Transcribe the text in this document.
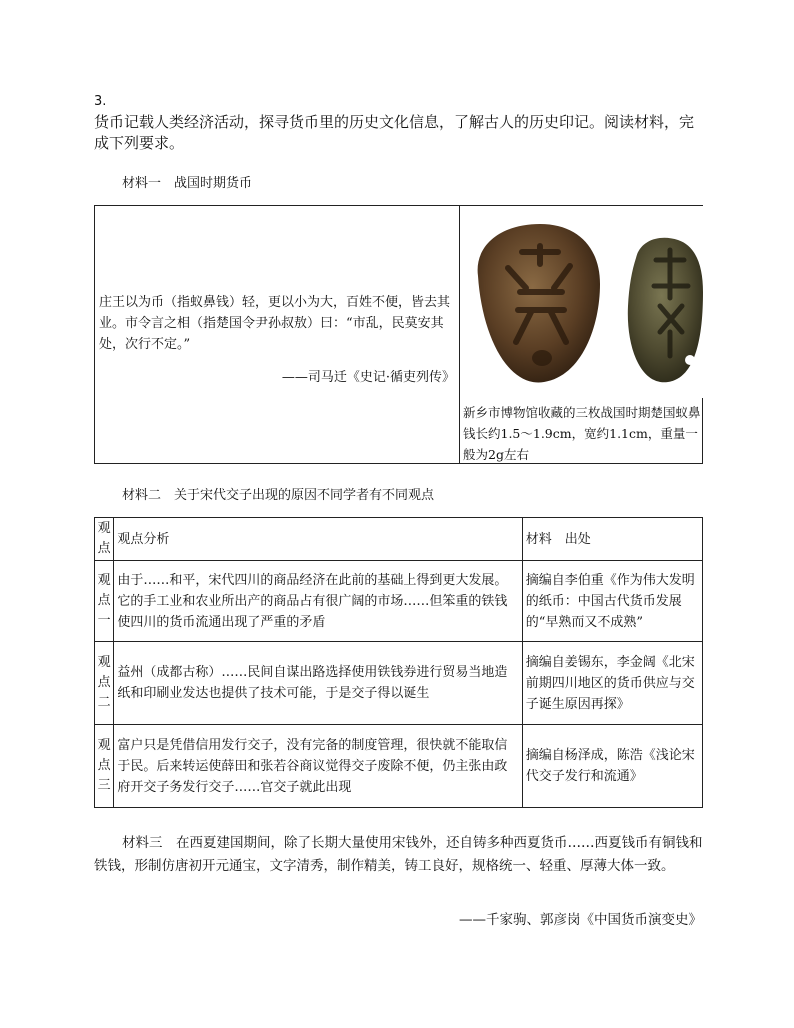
3.
货币记载人类经济活动，探寻货币里的历史文化信息，了解古人的历史印记。阅读材料，完成下列要求。
材料一　战国时期货币
庄王以为币（指蚁鼻钱）轻，更以小为大，百姓不便，皆去其业。市令言之相（指楚国令尹孙叔敖）曰：“市乱，民莫安其处，次行不定。”
——司马迁《史记·循吏列传》
新乡市博物馆收藏的三枚战国时期楚国蚁鼻钱长约1.5～1.9cm，宽约1.1cm，重量一般为2g左右
材料二　关于宋代交子出现的原因不同学者有不同观点
观点	观点分析	材料　出处
观点一	由于……和平，宋代四川的商品经济在此前的基础上得到更大发展。它的手工业和农业所出产的商品占有很广阔的市场……但笨重的铁钱使四川的货币流通出现了严重的矛盾	摘编自李伯重《作为伟大发明的纸币：中国古代货币发展的“早熟而又不成熟”
观点二	益州（成都古称）……民间自谋出路选择使用铁钱券进行贸易当地造纸和印刷业发达也提供了技术可能，于是交子得以诞生	摘编自姜锡东，李金阔《北宋前期四川地区的货币供应与交子诞生原因再探》
观点三	富户只是凭借信用发行交子，没有完备的制度管理，很快就不能取信于民。后来转运使薛田和张若谷商议觉得交子废除不便，仍主张由政府开交子务发行交子……官交子就此出现	摘编自杨泽成，陈浩《浅论宋代交子发行和流通》
材料三　在西夏建国期间，除了长期大量使用宋钱外，还自铸多种西夏货币……西夏钱币有铜钱和铁钱，形制仿唐初开元通宝，文字清秀，制作精美，铸工良好，规格统一、轻重、厚薄大体一致。
——千家驹、郭彦岗《中国货币演变史》
